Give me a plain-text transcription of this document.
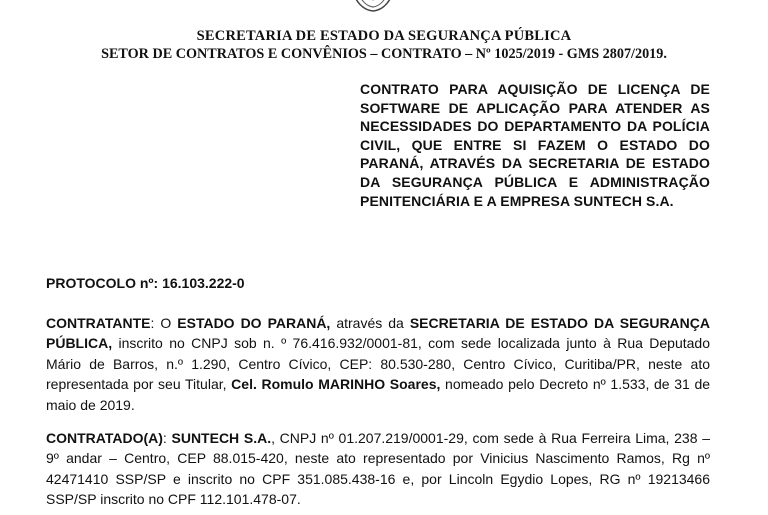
SECRETARIA DE ESTADO DA SEGURANÇA PÚBLICA
SETOR DE CONTRATOS E CONVÊNIOS – CONTRATO – Nº 1025/2019 - GMS 2807/2019.
CONTRATO PARA AQUISIÇÃO DE LICENÇA DE SOFTWARE DE APLICAÇÃO PARA ATENDER AS NECESSIDADES DO DEPARTAMENTO DA POLÍCIA CIVIL, QUE ENTRE SI FAZEM O ESTADO DO PARANÁ, ATRAVÉS DA SECRETARIA DE ESTADO DA SEGURANÇA PÚBLICA E ADMINISTRAÇÃO PENITENCIÁRIA E A EMPRESA SUNTECH S.A.
PROTOCOLO nº: 16.103.222-0
CONTRATANTE: O ESTADO DO PARANÁ, através da SECRETARIA DE ESTADO DA SEGURANÇA PÚBLICA, inscrito no CNPJ sob n. º 76.416.932/0001-81, com sede localizada junto à Rua Deputado Mário de Barros, n.º 1.290, Centro Cívico, CEP: 80.530-280, Centro Cívico, Curitiba/PR, neste ato representada por seu Titular, Cel. Romulo MARINHO Soares, nomeado pelo Decreto nº 1.533, de 31 de maio de 2019.
CONTRATADO(A): SUNTECH S.A., CNPJ nº 01.207.219/0001-29, com sede à Rua Ferreira Lima, 238 – 9º andar – Centro, CEP 88.015-420, neste ato representado por Vinicius Nascimento Ramos, Rg nº 42471410 SSP/SP e inscrito no CPF 351.085.438-16 e, por Lincoln Egydio Lopes, RG nº 19213466 SSP/SP inscrito no CPF 112.101.478-07.
